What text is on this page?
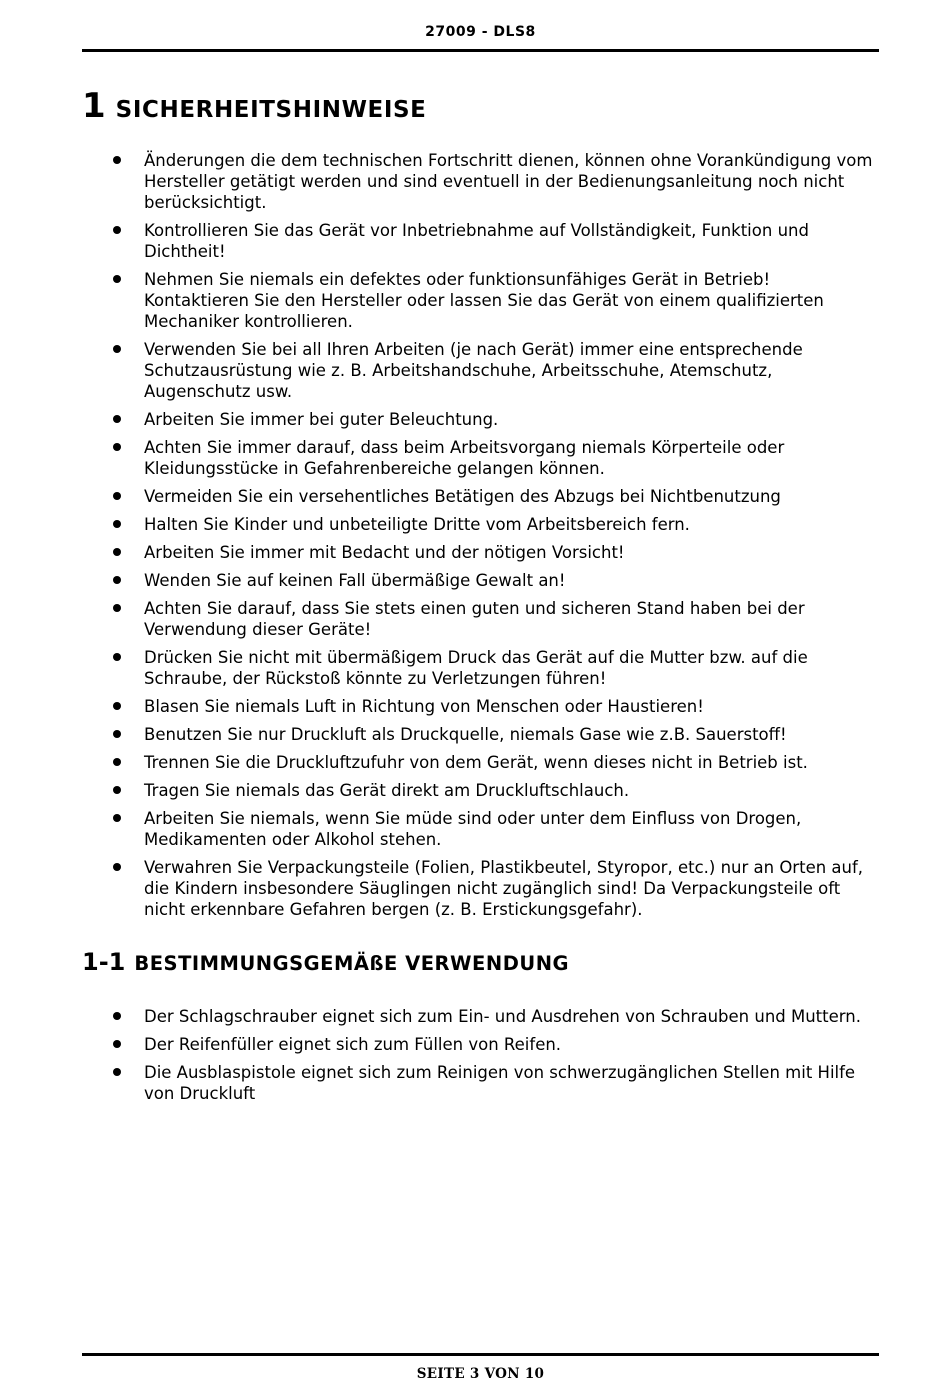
27009 - DLS8
1 SICHERHEITSHINWEISE
Änderungen die dem technischen Fortschritt dienen, können ohne Vorankündigung vom Hersteller getätigt werden und sind eventuell in der Bedienungsanleitung noch nicht berücksichtigt.
Kontrollieren Sie das Gerät vor Inbetriebnahme auf Vollständigkeit, Funktion und Dichtheit!
Nehmen Sie niemals ein defektes oder funktionsunfähiges Gerät in Betrieb! Kontaktieren Sie den Hersteller oder lassen Sie das Gerät von einem qualifizierten Mechaniker kontrollieren.
Verwenden Sie bei all Ihren Arbeiten (je nach Gerät) immer eine entsprechende Schutzausrüstung wie z. B. Arbeitshandschuhe, Arbeitsschuhe, Atemschutz, Augenschutz usw.
Arbeiten Sie immer bei guter Beleuchtung.
Achten Sie immer darauf, dass beim Arbeitsvorgang niemals Körperteile oder Kleidungsstücke in Gefahrenbereiche gelangen können.
Vermeiden Sie ein versehentliches Betätigen des Abzugs bei Nichtbenutzung
Halten Sie Kinder und unbeteiligte Dritte vom Arbeitsbereich fern.
Arbeiten Sie immer mit Bedacht und der nötigen Vorsicht!
Wenden Sie auf keinen Fall übermäßige Gewalt an!
Achten Sie darauf, dass Sie stets einen guten und sicheren Stand haben bei der Verwendung dieser Geräte!
Drücken Sie nicht mit übermäßigem Druck das Gerät auf die Mutter bzw. auf die Schraube, der Rückstoß könnte zu Verletzungen führen!
Blasen Sie niemals Luft in Richtung von Menschen oder Haustieren!
Benutzen Sie nur Druckluft als Druckquelle, niemals Gase wie z.B. Sauerstoff!
Trennen Sie die Druckluftzufuhr von dem Gerät, wenn dieses nicht in Betrieb ist.
Tragen Sie niemals das Gerät direkt am Druckluftschlauch.
Arbeiten Sie niemals, wenn Sie müde sind oder unter dem Einfluss von Drogen, Medikamenten oder Alkohol stehen.
Verwahren Sie Verpackungsteile (Folien, Plastikbeutel, Styropor, etc.) nur an Orten auf, die Kindern insbesondere Säuglingen nicht zugänglich sind! Da Verpackungsteile oft nicht erkennbare Gefahren bergen (z. B. Erstickungsgefahr).
1-1 BESTIMMUNGSGEMÄßE VERWENDUNG
Der Schlagschrauber eignet sich zum Ein- und Ausdrehen von Schrauben und Muttern.
Der Reifenfüller eignet sich zum Füllen von Reifen.
Die Ausblaspistole eignet sich zum Reinigen von schwerzugänglichen Stellen mit Hilfe von Druckluft
SEITE 3 VON 10
